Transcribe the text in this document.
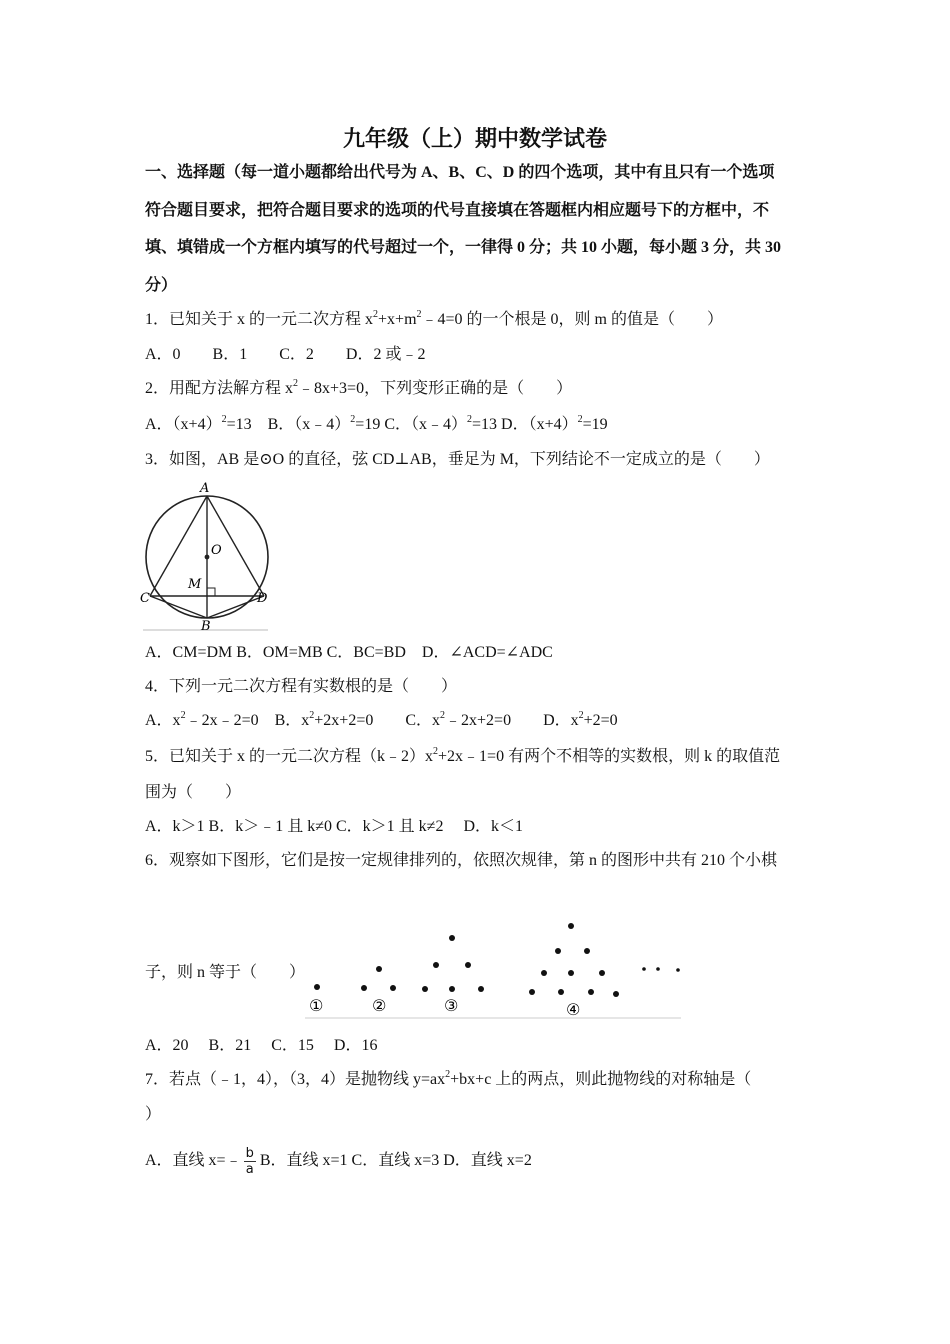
九年级（上）期中数学试卷
一、选择题（每一道小题都给出代号为 A、B、C、D 的四个选项，其中有且只有一个选项
符合题目要求，把符合题目要求的选项的代号直接填在答题框内相应题号下的方框中，不
填、填错成一个方框内填写的代号超过一个，一律得 0 分；共 10 小题，每小题 3 分，共 30
分）
1．已知关于 x 的一元二次方程 $x^2+x+m^2﹣4=0$ 的一个根是 0，则 m 的值是（　　）
A．0　　B．1　　C．2　　D．2 或﹣2
2．用配方法解方程 $x^2﹣8x+3=0$，下列变形正确的是（　　）
A．$(x+4)^2=13$　B．（x﹣4）$^2$=19 C．（x﹣4）$^2$=13 D．$(x+4)^2=19$
3．如图，AB 是⊙O 的直径，弦 CD⊥AB，垂足为 M，下列结论不一定成立的是（　　）
A
O
M
C	D
B
A．CM=DM B．OM=MB C．BC=BD　D．∠ACD=∠ADC
4．下列一元二次方程有实数根的是（　　）
A．$x^2﹣2x﹣2=0$　B．$x^2+2x+2=0$　　C．$x^2﹣2x+2=0$　　D．$x^2+2=0$
5．已知关于 x 的一元二次方程$(k﹣2)x^2+2x﹣1=0$ 有两个不相等的实数根，则 k 的取值范
围为（　　）
A．k＞1 B．k＞﹣1 且 k≠0 C．k＞1 且 k≠2　 D．k＜1
6．观察如下图形，它们是按一定规律排列的，依照次规律，第 n 的图形中共有 210 个小棋
子，则 n 等于（　　）
①	②	③	④
A．20　 B．21　 C．15　 D．16
7．若点（﹣1，4），（3，4）是抛物线 $y=ax^2+bx+c$ 上的两点，则此抛物线的对称轴是（
）
A．直线 x=﹣ $\frac{b}{a}$ B．直线 x=1 C．直线 x=3 D．直线 x=2
